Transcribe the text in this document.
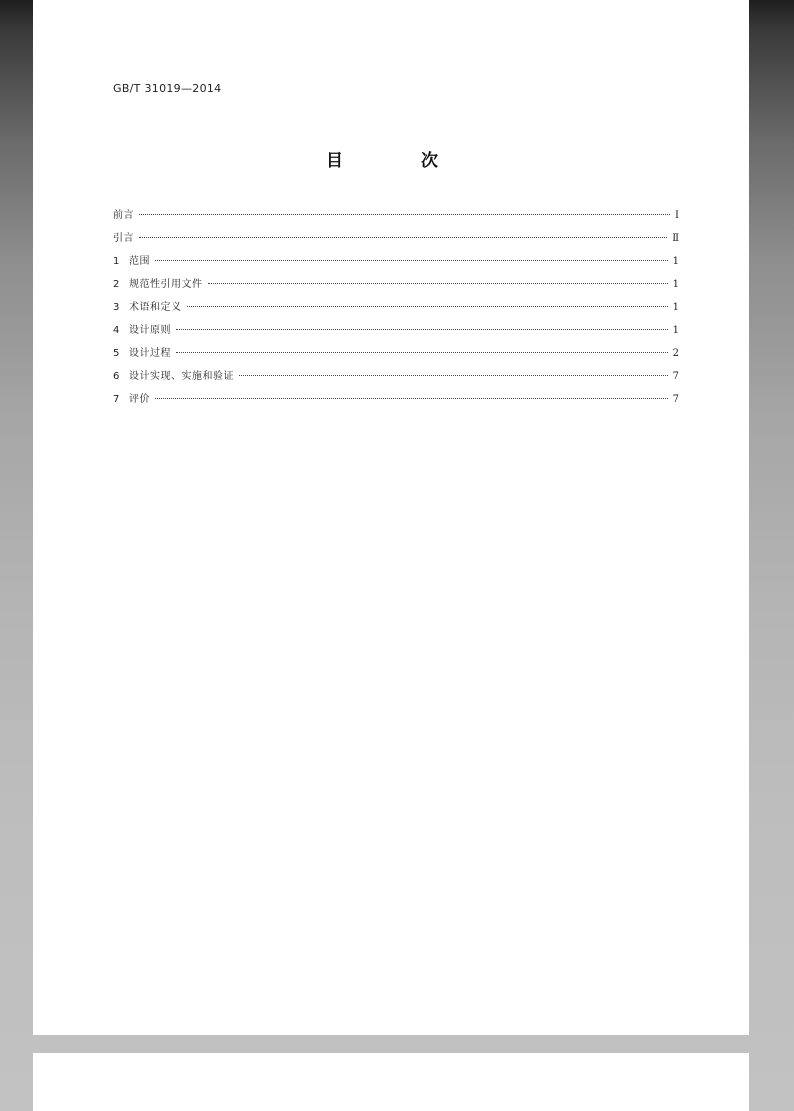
GB/T 31019—2014
目 次
前言	Ⅰ
引言	Ⅱ
1 范围	1
2 规范性引用文件	1
3 术语和定义	1
4 设计原则	1
5 设计过程	2
6 设计实现、实施和验证	7
7 评价	7
